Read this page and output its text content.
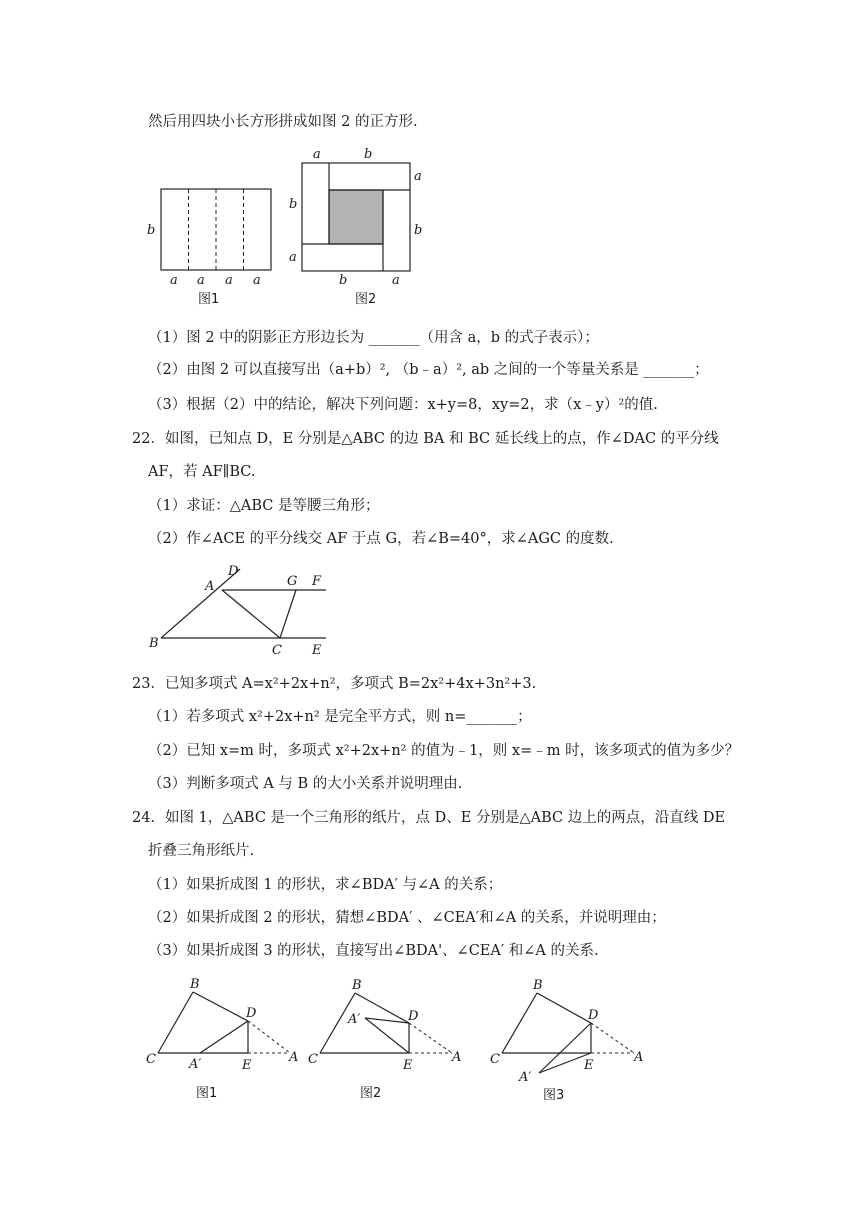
然后用四块小长方形拼成如图 2 的正方形.
b
a a a a
图1
a	b
a
b
b
a
b	a
图2
（1）图 2 中的阴影正方形边长为 _______（用含 a，b 的式子表示）；
（2）由图 2 可以直接写出（a+b）², （b﹣a）², ab 之间的一个等量关系是 _______；
（3）根据（2）中的结论，解决下列问题：x+y=8，xy=2，求（x﹣y）²的值.
22．如图，已知点 D，E 分别是△ABC 的边 BA 和 BC 延长线上的点，作∠DAC 的平分线
AF，若 AF∥BC.
（1）求证：△ABC 是等腰三角形；
（2）作∠ACE 的平分线交 AF 于点 G，若∠B=40°，求∠AGC 的度数.
D
A	G F
B	C E
23．已知多项式 A=x²+2x+n²，多项式 B=2x²+4x+3n²+3.
（1）若多项式 x²+2x+n² 是完全平方式，则 n=_______；
（2）已知 x=m 时，多项式 x²+2x+n² 的值为﹣1，则 x=﹣m 时，该多项式的值为多少？
（3）判断多项式 A 与 B 的大小关系并说明理由.
24．如图 1，△ABC 是一个三角形的纸片，点 D、E 分别是△ABC 边上的两点，沿直线 DE
折叠三角形纸片.
（1）如果折成图 1 的形状，求∠BDA′ 与∠A 的关系；
（2）如果折成图 2 的形状，猜想∠BDA′ 、∠CEA′和∠A 的关系，并说明理由；
（3）如果折成图 3 的形状，直接写出∠BDA'、∠CEA′ 和∠A 的关系.
B
D
C	A′	E
A
图1
B
A′	D
C	E
A
图2
B
D
C	E
A
A′
图3
